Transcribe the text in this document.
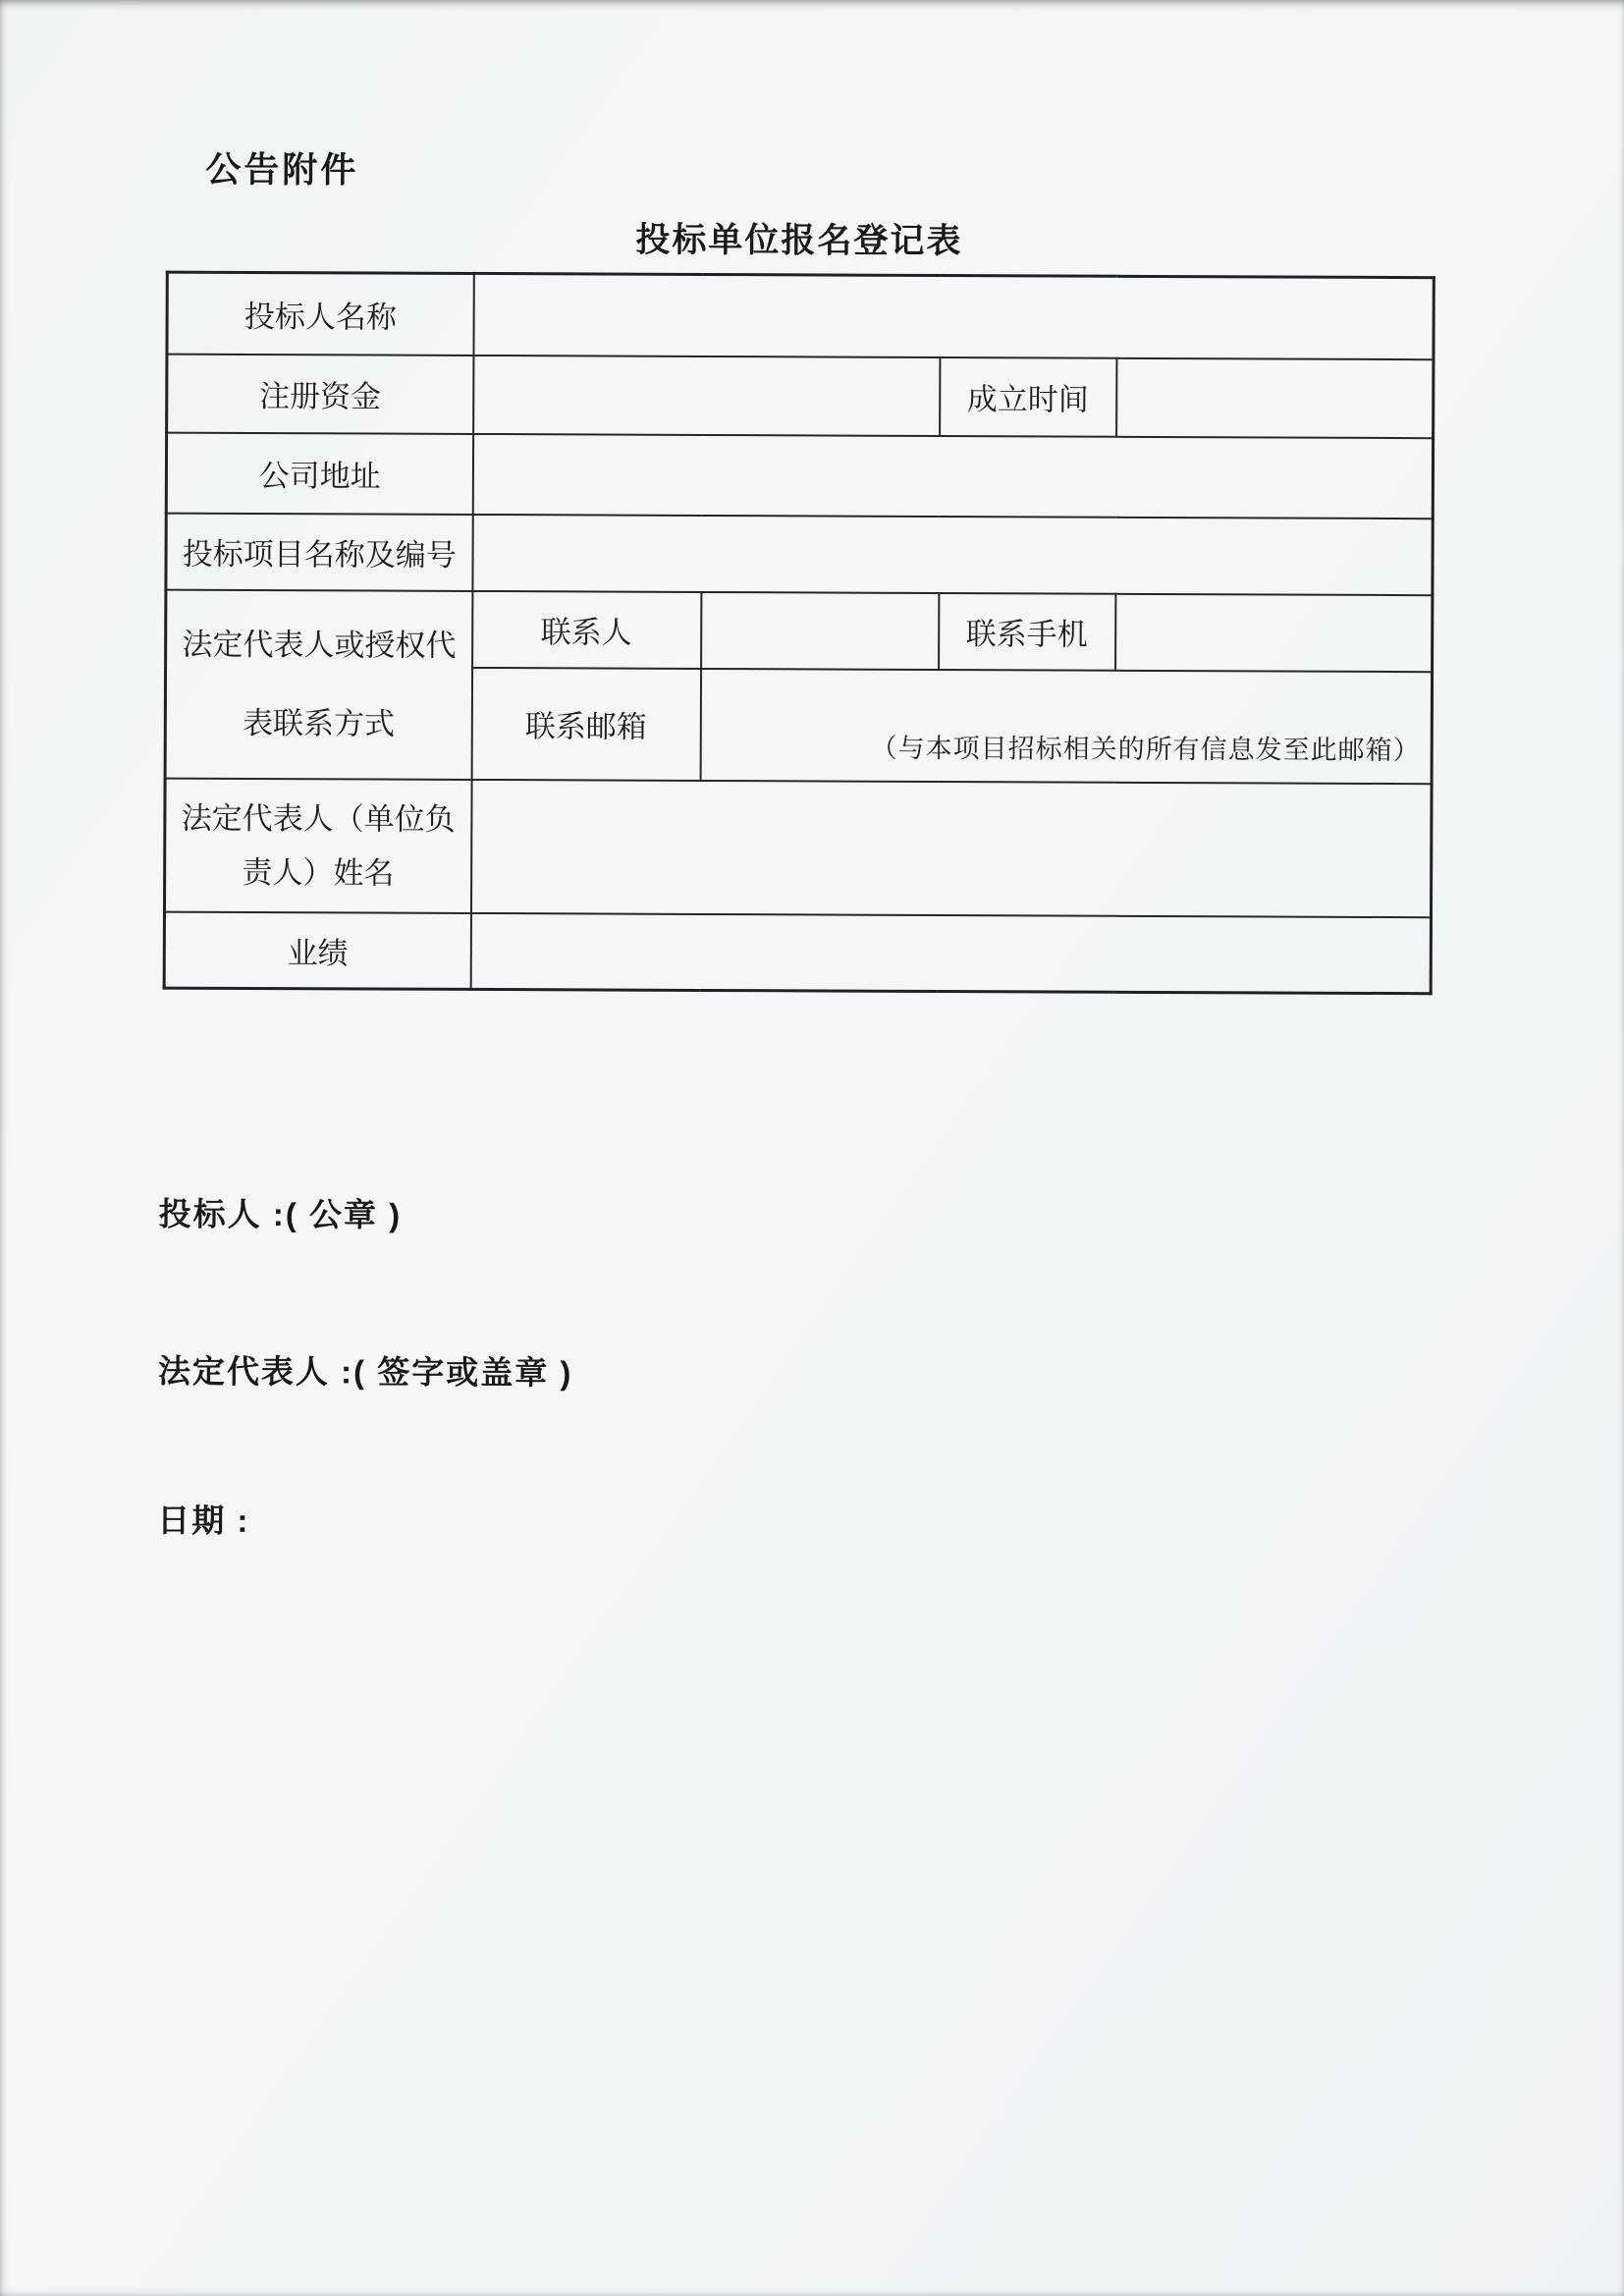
公告附件
投标单位报名登记表
投标人名称				
注册资金			成立时间	
公司地址				
投标项目名称及编号				
法定代表人或授权代表联系方式	联系人		联系手机	
	联系邮箱	（与本项目招标相关的所有信息发至此邮箱）		

法定代表人（单位负责人）姓名				
业绩				
投标人 :( 公章 )
法定代表人 :( 签字或盖章 )
日期 :
